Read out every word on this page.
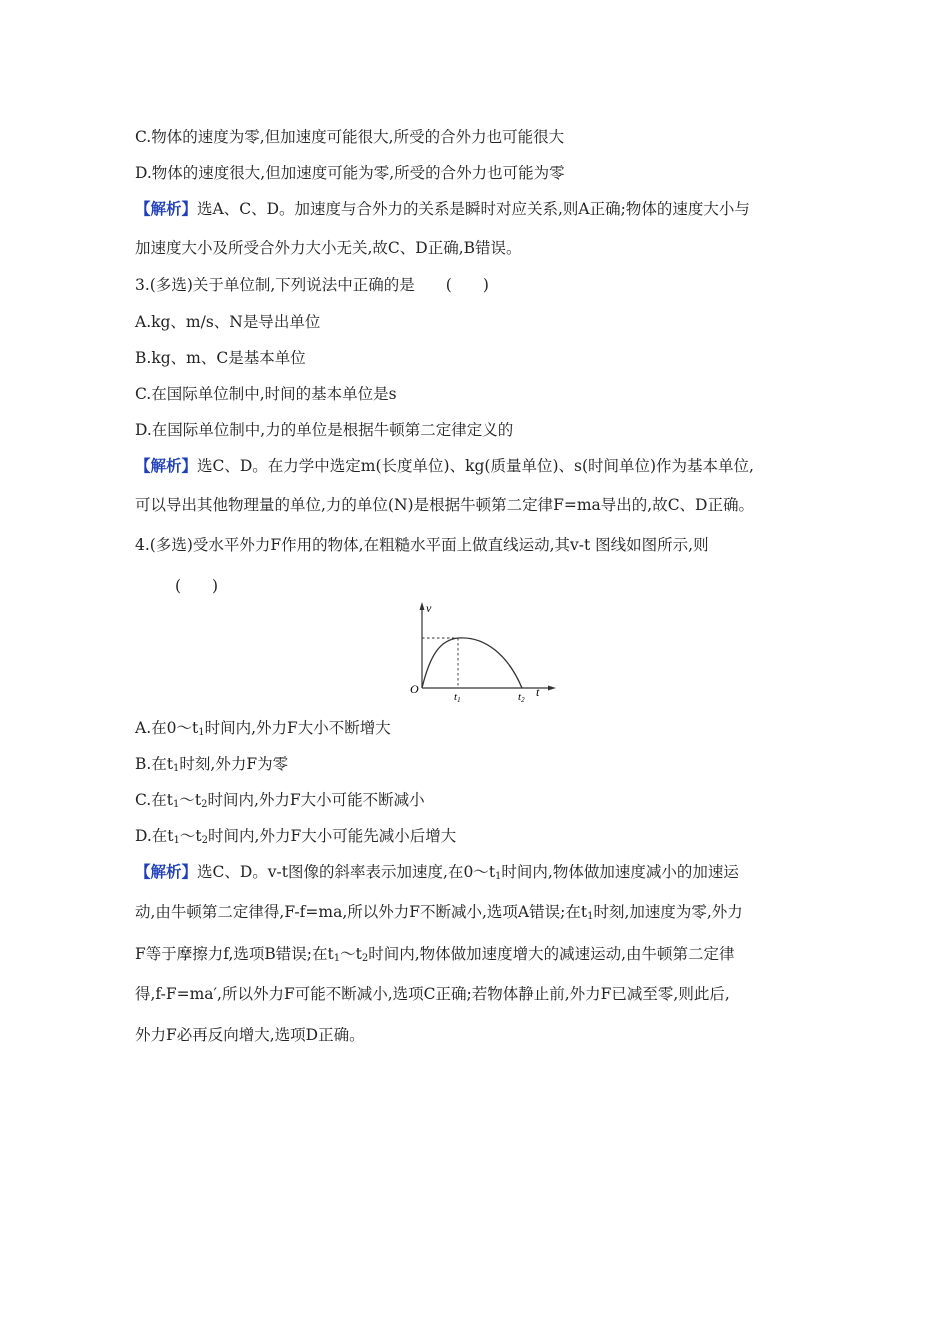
C.物体的速度为零,但加速度可能很大,所受的合外力也可能很大
D.物体的速度很大,但加速度可能为零,所受的合外力也可能为零
【解析】选A、C、D。加速度与合外力的关系是瞬时对应关系,则A正确;物体的速度大小与
加速度大小及所受合外力大小无关,故C、D正确,B错误。
3.(多选)关于单位制,下列说法中正确的是　　(　　)
A.kg、m/s、N是导出单位
B.kg、m、C是基本单位
C.在国际单位制中,时间的基本单位是s
D.在国际单位制中,力的单位是根据牛顿第二定律定义的
【解析】选C、D。在力学中选定m(长度单位)、kg(质量单位)、s(时间单位)作为基本单位,
可以导出其他物理量的单位,力的单位(N)是根据牛顿第二定律F=ma导出的,故C、D正确。
4.(多选)受水平外力F作用的物体,在粗糙水平面上做直线运动,其v-t 图线如图所示,则
(　　)
v
O	t
t1	t2
A.在$0\sim t_1$时间内,外力F大小不断增大
B.在$t_1$时刻,外力F为零
C.在$t_1\sim t_2$时间内,外力F大小可能不断减小
D.在$t_1\sim t_2$时间内,外力F大小可能先减小后增大
【解析】选C、D。v-t图像的斜率表示加速度,在$0\sim t_1$时间内,物体做加速度减小的加速运
动,由牛顿第二定律得,F-f=ma,所以外力F不断减小,选项A错误;在$t_1$时刻,加速度为零,外力
F等于摩擦力f,选项B错误;在$t_1\sim t_2$时间内,物体做加速度增大的减速运动,由牛顿第二定律
得,f-F=ma′,所以外力F可能不断减小,选项C正确;若物体静止前,外力F已减至零,则此后,
外力F必再反向增大,选项D正确。
